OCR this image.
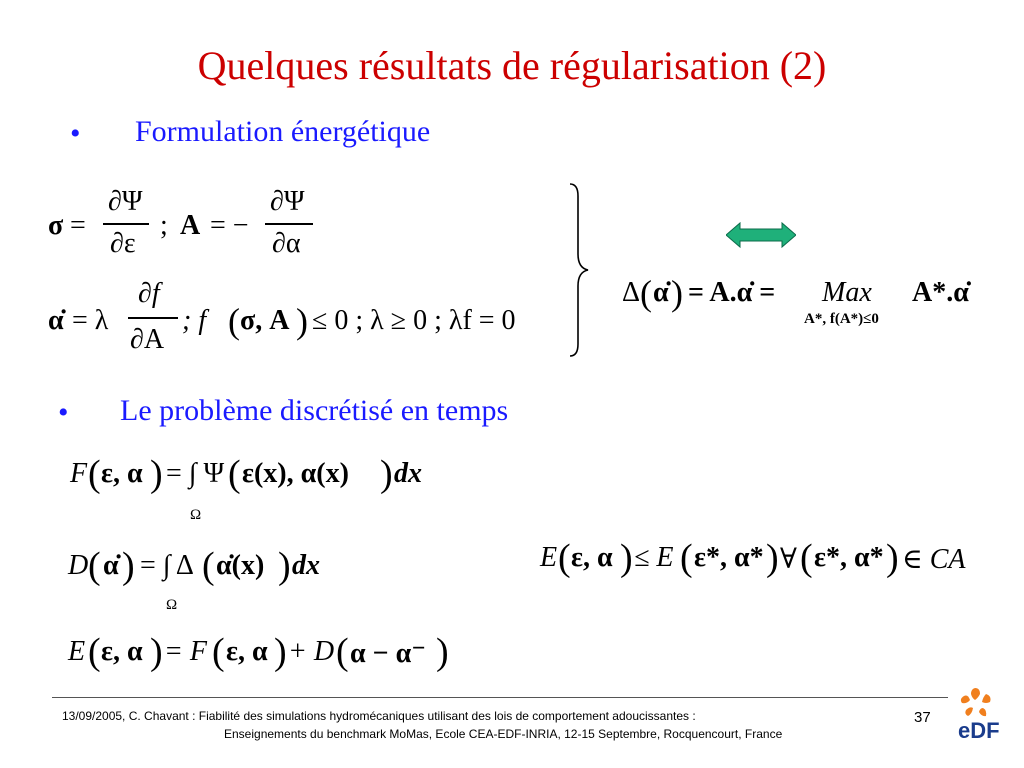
Quelques résultats de régularisation (2)
• Formulation énergétique
σ =
∂Ψ
∂ε
; A = −
∂Ψ
∂α
α̇ = λ
∂f
∂A
; f ( σ, A ) ≤ 0 ; λ ≥ 0 ; λf = 0
Δ ( α̇ ) = A.α̇ = Max
A*, f(A*)≤0
A*.α̇
• Le problème discrétisé en temps
F ( ε, α ) = ∫ Ψ ( ε(x), α(x) ) dx
Ω
D ( α̇ ) = ∫ Δ ( α̇(x) ) dx
Ω
E ( ε, α ) = F ( ε, α ) + D ( α − α⁻ )
E ( ε, α ) ≤ E ( ε*, α* ) ∀ ( ε*, α* ) ∈ CA
13/09/2005, C. Chavant : Fiabilité des simulations hydromécaniques utilisant des lois de comportement adoucissantes :
Enseignements du benchmark MoMas, Ecole CEA-EDF-INRIA, 12-15 Septembre, Rocquencourt, France
37
eDF
